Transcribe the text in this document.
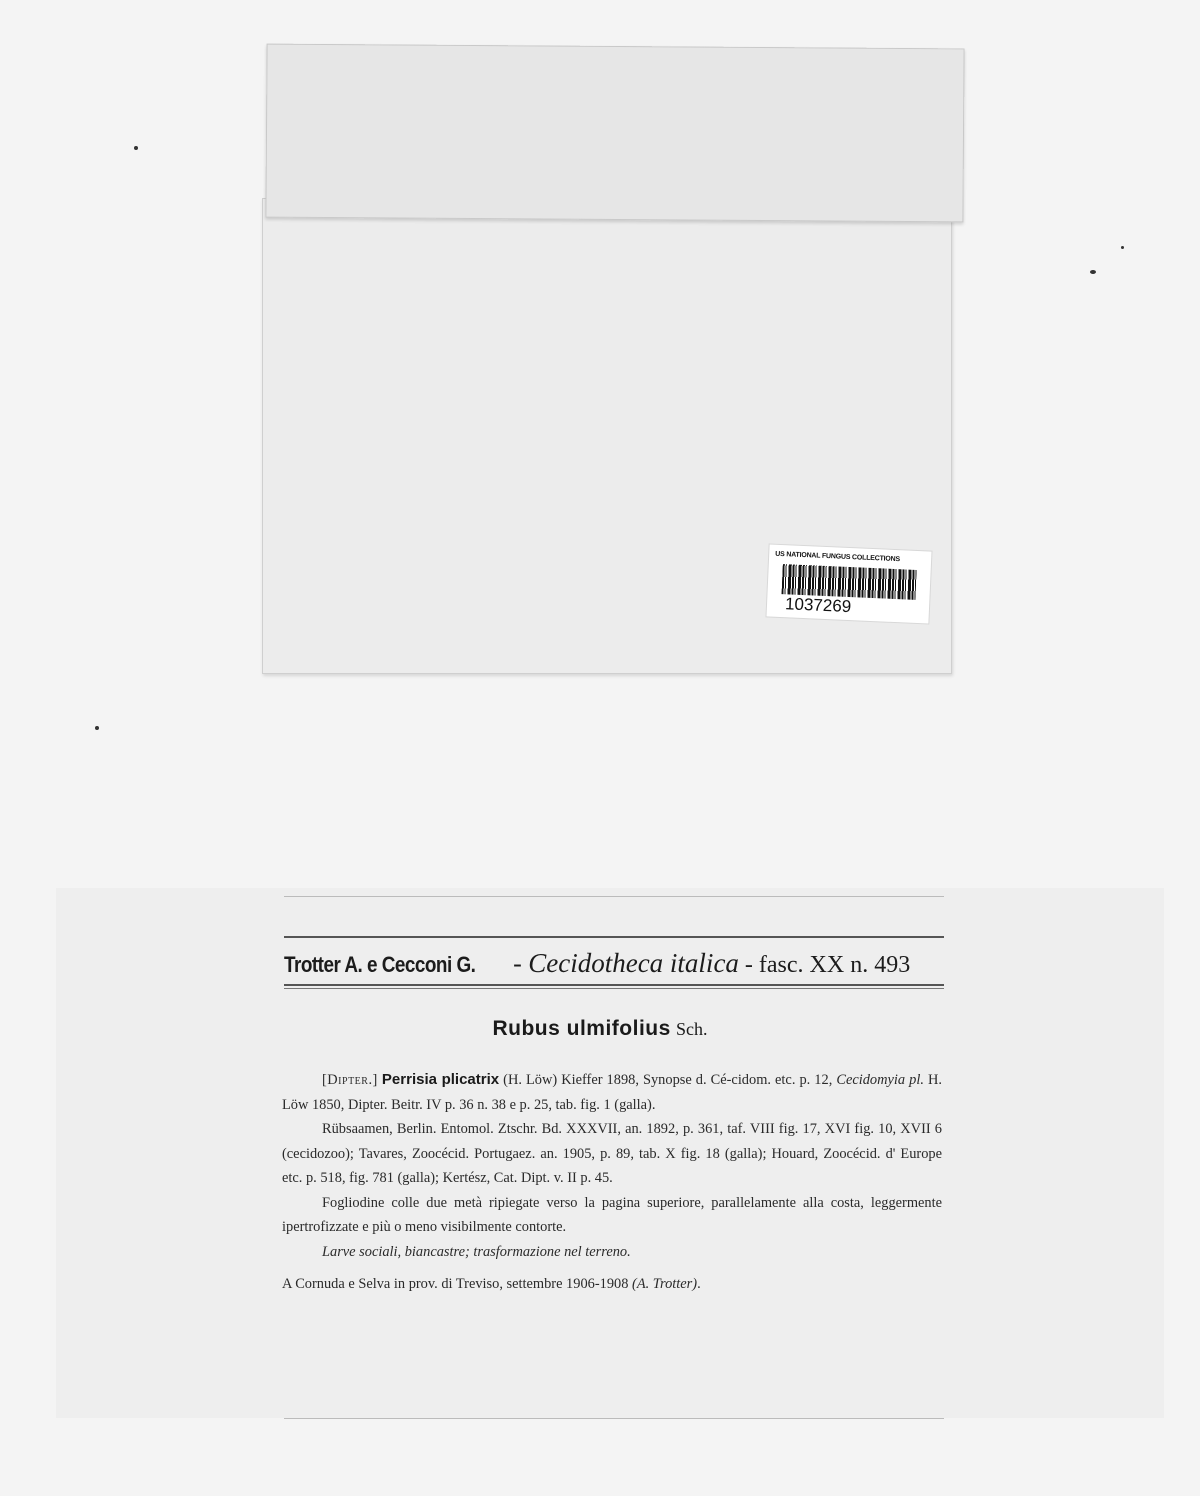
US NATIONAL FUNGUS COLLECTIONS
1037269
Trotter A. e Cecconi G. - Cecidotheca italica - fasc. XX n. 493
Rubus ulmifolius Sch.

[Dipter.] Perrisia plicatrix (H. Löw) Kieffer 1898, Synopse d. Cé-cidom. etc. p. 12, Cecidomyia pl. H. Löw 1850, Dipter. Beitr. IV p. 36 n. 38 e p. 25, tab. fig. 1 (galla).

Rübsaamen, Berlin. Entomol. Ztschr. Bd. XXXVII, an. 1892, p. 361, taf. VIII fig. 17, XVI fig. 10, XVII 6 (cecidozoo); Tavares, Zoocécid. Portugaez. an. 1905, p. 89, tab. X fig. 18 (galla); Houard, Zoocécid. d' Europe etc. p. 518, fig. 781 (galla); Kertész, Cat. Dipt. v. II p. 45.

Fogliodine colle due metà ripiegate verso la pagina superiore, parallelamente alla costa, leggermente ipertrofizzate e più o meno visibilmente contorte.

Larve sociali, biancastre; trasformazione nel terreno.

A Cornuda e Selva in prov. di Treviso, settembre 1906-1908 (A. Trotter).
